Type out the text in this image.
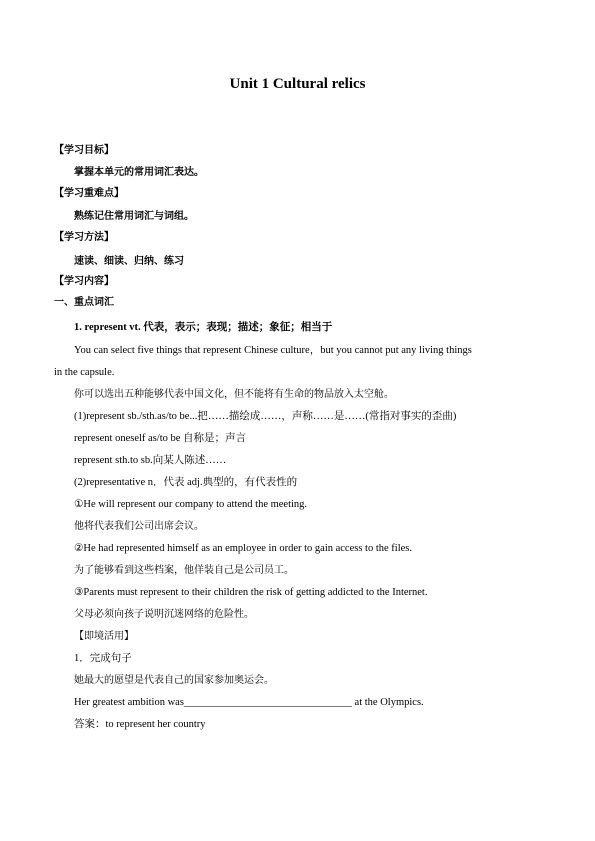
Unit 1 Cultural relics
【学习目标】
掌握本单元的常用词汇表达。
【学习重难点】
熟练记住常用词汇与词组。
【学习方法】
速读、细读、归纳、练习
【学习内容】
一、重点词汇
1. represent vt. 代表，表示；表现；描述；象征；相当于
You can select five things that represent Chinese culture，but you cannot put any living things
in the capsule.
你可以选出五种能够代表中国文化，但不能将有生命的物品放入太空舱。
(1)represent sb./sth.as/to be...把……描绘成……，声称……是……(常指对事实的歪曲)
represent oneself as/to be 自称是；声言
represent sth.to sb.向某人陈述……
(2)representative n．代表 adj.典型的，有代表性的
①He will represent our company to attend the meeting.
他将代表我们公司出席会议。
②He had represented himself as an employee in order to gain access to the files.
为了能够看到这些档案，他佯装自己是公司员工。
③Parents must represent to their children the risk of getting addicted to the Internet.
父母必须向孩子说明沉迷网络的危险性。
【即境活用】
1．完成句子
她最大的愿望是代表自己的国家参加奥运会。
Her greatest ambition was________________________________ at the Olympics.
答案：to represent her country
